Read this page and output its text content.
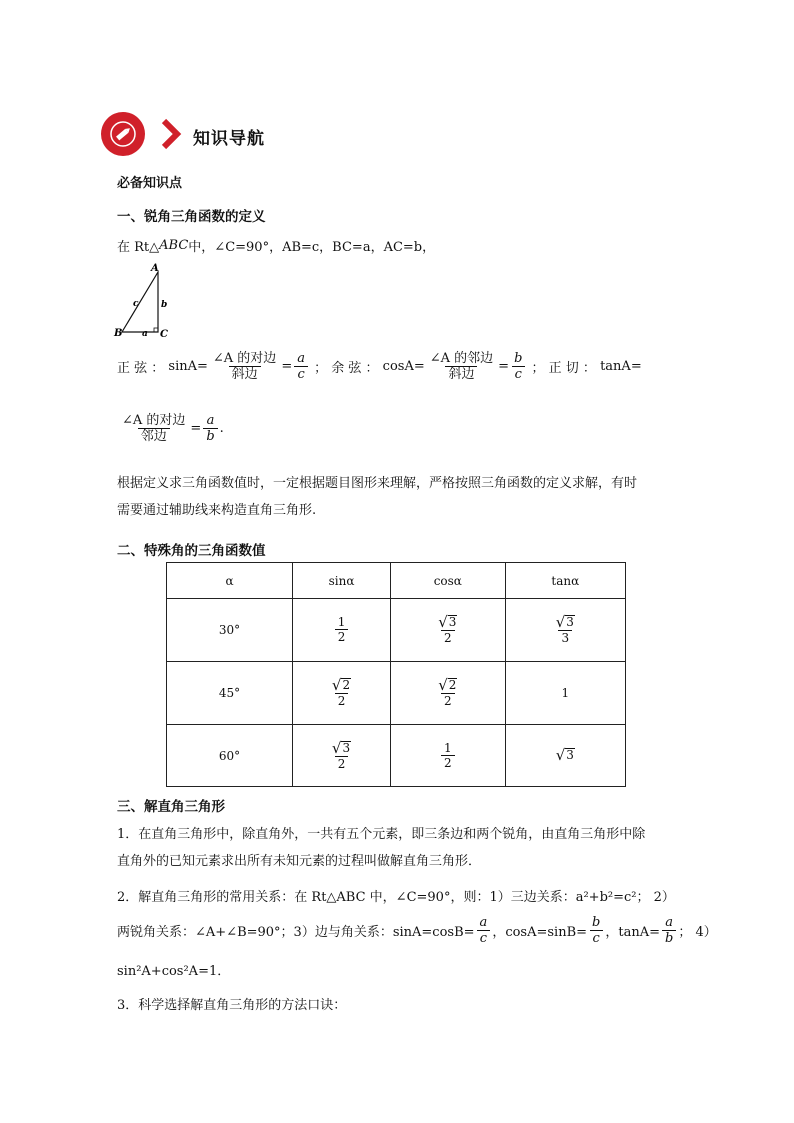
知识导航
必备知识点
一、锐角三角函数的定义
在 Rt△ ABC 中，∠C=90°，AB=c，BC=a，AC=b，
A
B	C
a
b
c
正 弦 ：
$\sin A= \frac{\text{∠A 的对边}}{\text{斜边}} = \frac{a}{c}$
； 余 弦 ：
$\cos A= \frac{\text{∠A 的邻边}}{\text{斜边}} = \frac{b}{c}$
； 正 切 ：
tanA=
$\frac{\text{∠A 的对边}}{\text{邻边}} = \frac{a}{b}$ .
根据定义求三角函数值时，一定根据题目图形来理解，严格按照三角函数的定义求解，有时
需要通过辅助线来构造直角三角形.
二、特殊角的三角函数值
α	sinα	cosα	tanα
30°	$\frac{1}{2}$	$\frac{√ 3}{2}$	$\frac{√ 3}{3}$

45°	$\frac{√ 2}{2}$	$\frac{√ 2}{2}$	1
60°	$\frac{√ 3}{2}$	$\frac{1}{2}$	√ 3
三、解直角三角形
1．在直角三角形中，除直角外，一共有五个元素，即三条边和两个锐角，由直角三角形中除
直角外的已知元素求出所有未知元素的过程叫做解直角三角形．
2．解直角三角形的常用关系：在 Rt△ABC 中，∠C=90°，则：1）三边关系：a²+b²=c²； 2）
两锐角关系：∠A+∠B=90°；3）边与角关系：$\sin A=\cos B= \frac{a}{c}$ ，$\cos A=\sin B= \frac{b}{c}$ ，$\tan A= \frac{a}{b}$ ； 4）
sin²A+cos²A=1．
3．科学选择解直角三角形的方法口诀：
